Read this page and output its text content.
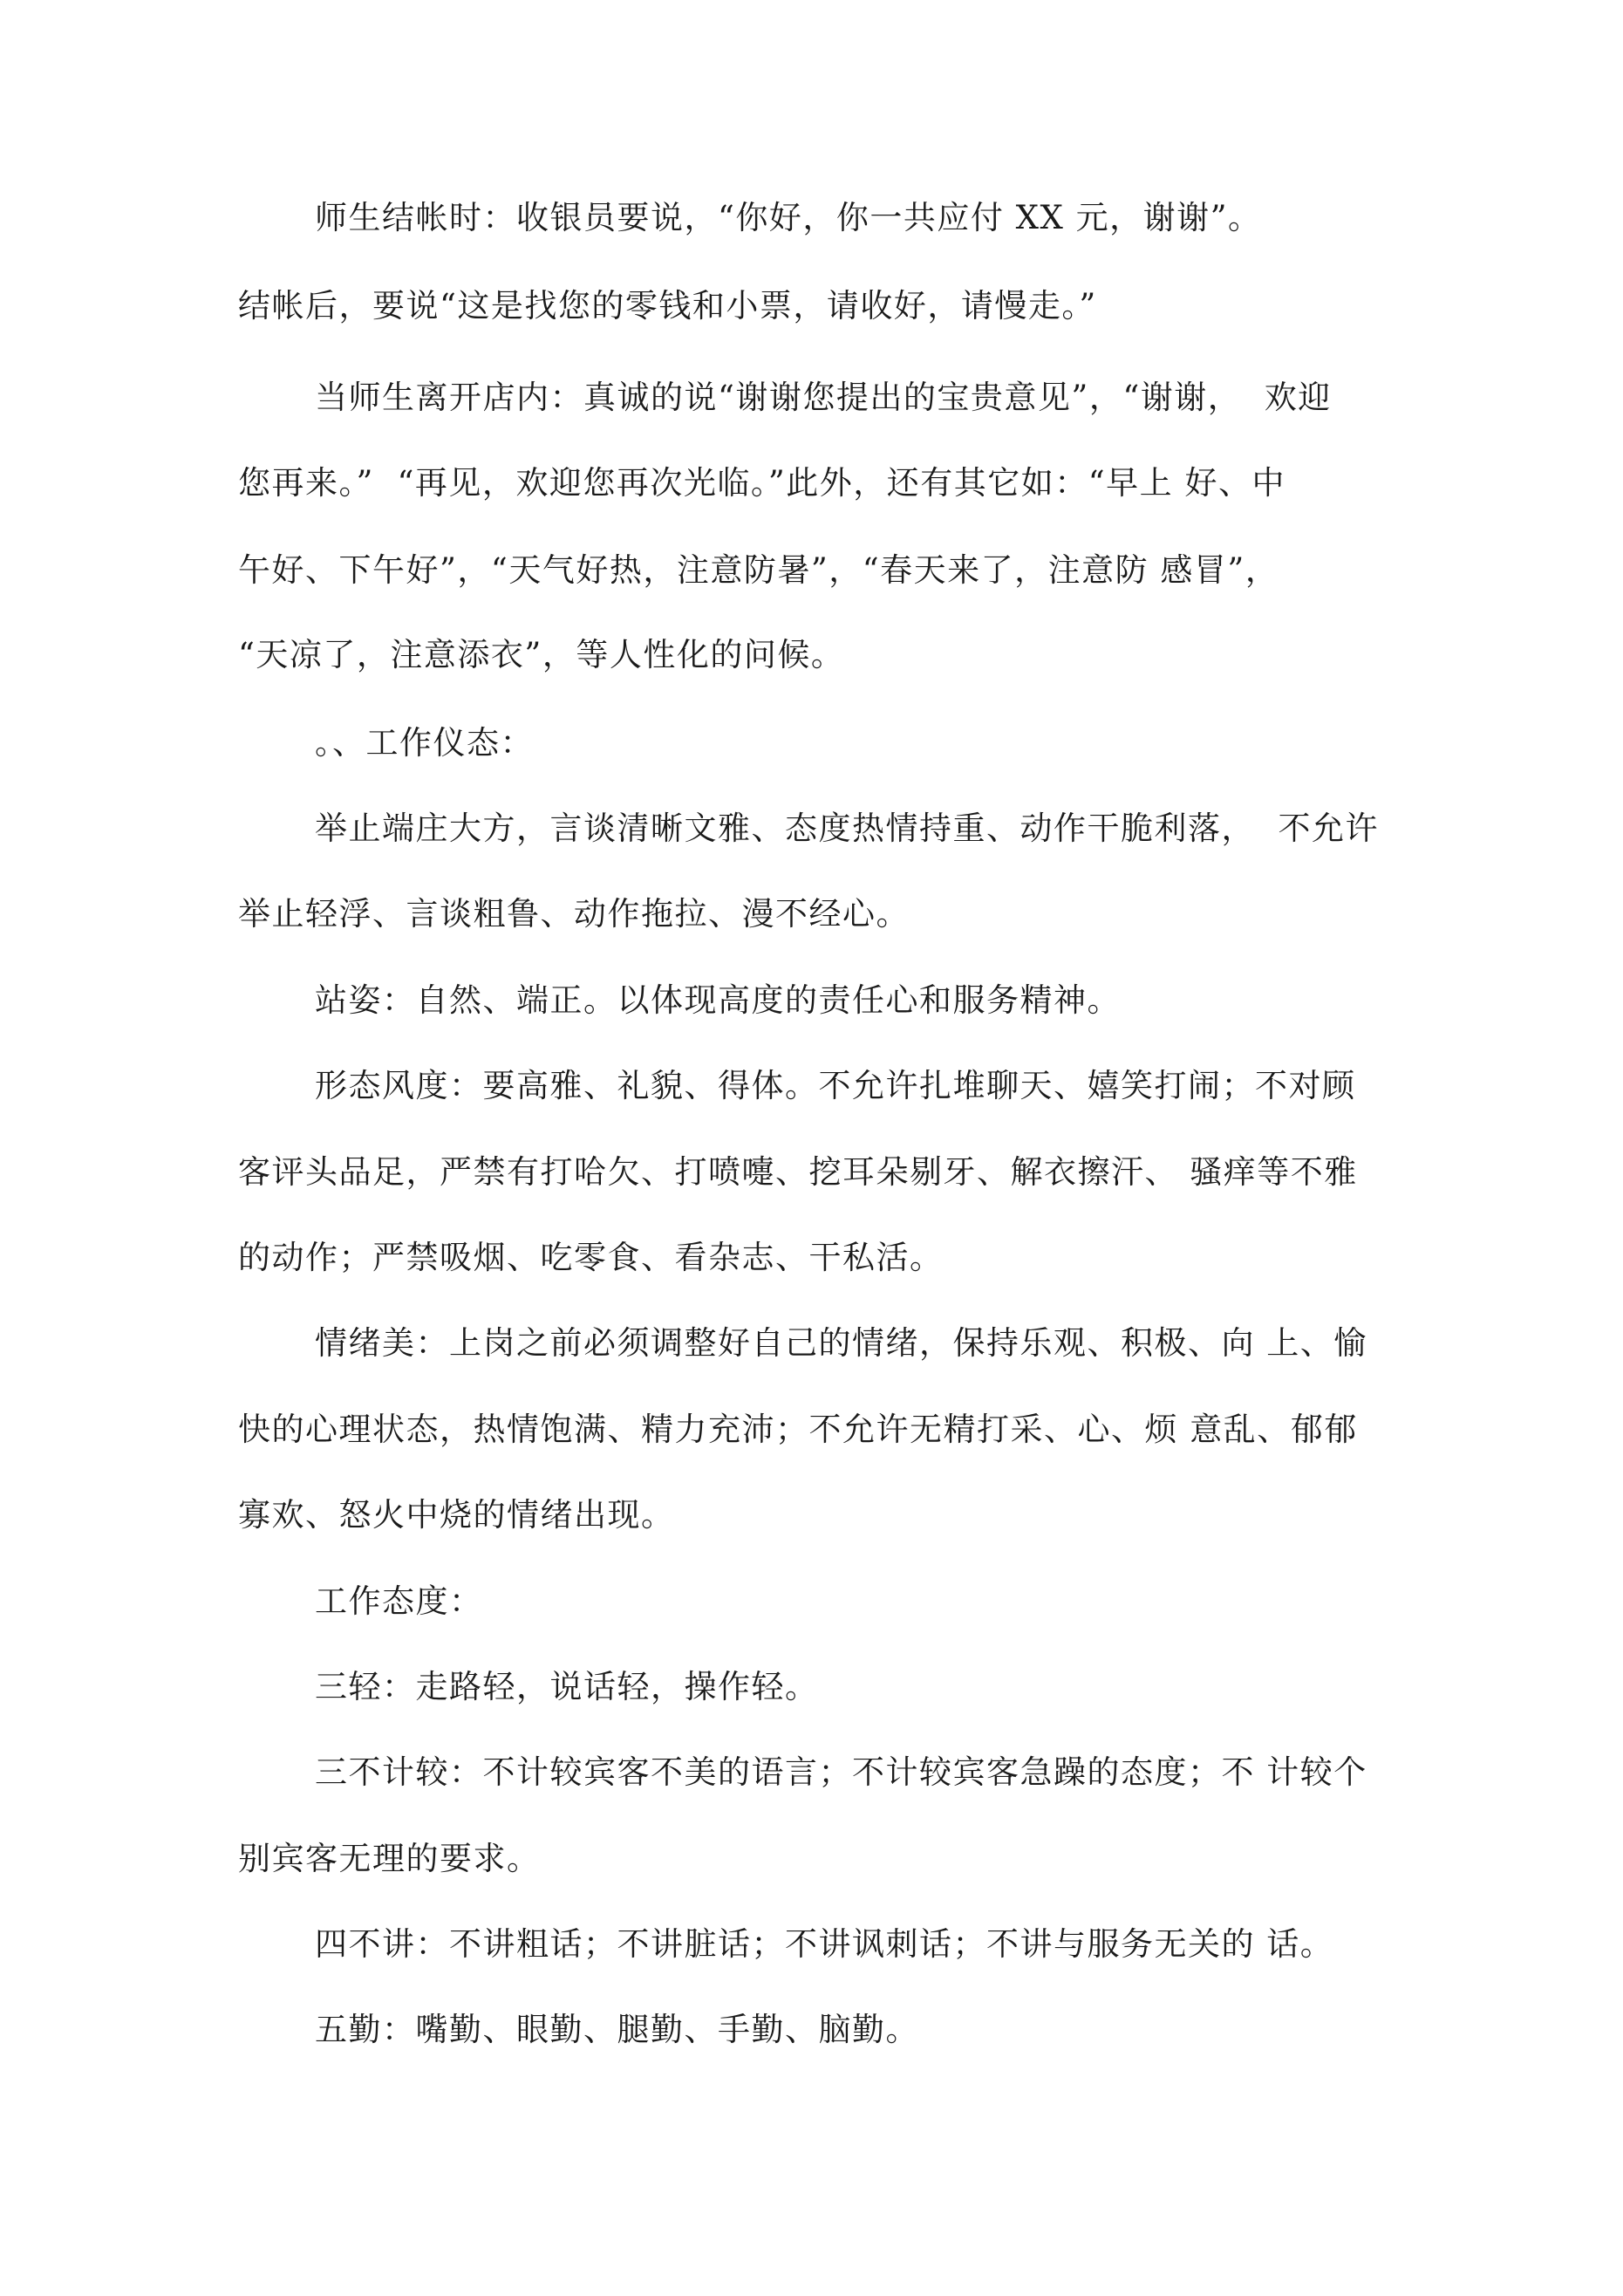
师生结帐时：收银员要说，“你好，你一共应付 XX 元，谢谢”。
结帐后，要说“这是找您的零钱和小票，请收好，请慢走。”
当师生离开店内：真诚的说“谢谢您提出的宝贵意见”，“谢谢，  欢迎
您再来。”  “再见，欢迎您再次光临。”此外，还有其它如：“早上 好、中
午好、下午好”，“天气好热，注意防暑”，“春天来了，注意防 感冒”，
“天凉了，注意添衣”，等人性化的问候。
。、工作仪态：
举止端庄大方，言谈清晰文雅、态度热情持重、动作干脆利落，  不允许
举止轻浮、言谈粗鲁、动作拖拉、漫不经心。
站姿：自然、端正。以体现高度的责任心和服务精神。
形态风度：要高雅、礼貌、得体。不允许扎堆聊天、嬉笑打闹；不对顾
客评头品足，严禁有打哈欠、打喷嚏、挖耳朵剔牙、解衣擦汗、 骚痒等不雅
的动作；严禁吸烟、吃零食、看杂志、干私活。
情绪美：上岗之前必须调整好自己的情绪，保持乐观、积极、向 上、愉
快的心理状态，热情饱满、精力充沛；不允许无精打采、心、烦 意乱、郁郁
寡欢、怒火中烧的情绪出现。
工作态度：
三轻：走路轻，说话轻，操作轻。
三不计较：不计较宾客不美的语言；不计较宾客急躁的态度；不 计较个
别宾客无理的要求。
四不讲：不讲粗话；不讲脏话；不讲讽刺话；不讲与服务无关的 话。
五勤：嘴勤、眼勤、腿勤、手勤、脑勤。
